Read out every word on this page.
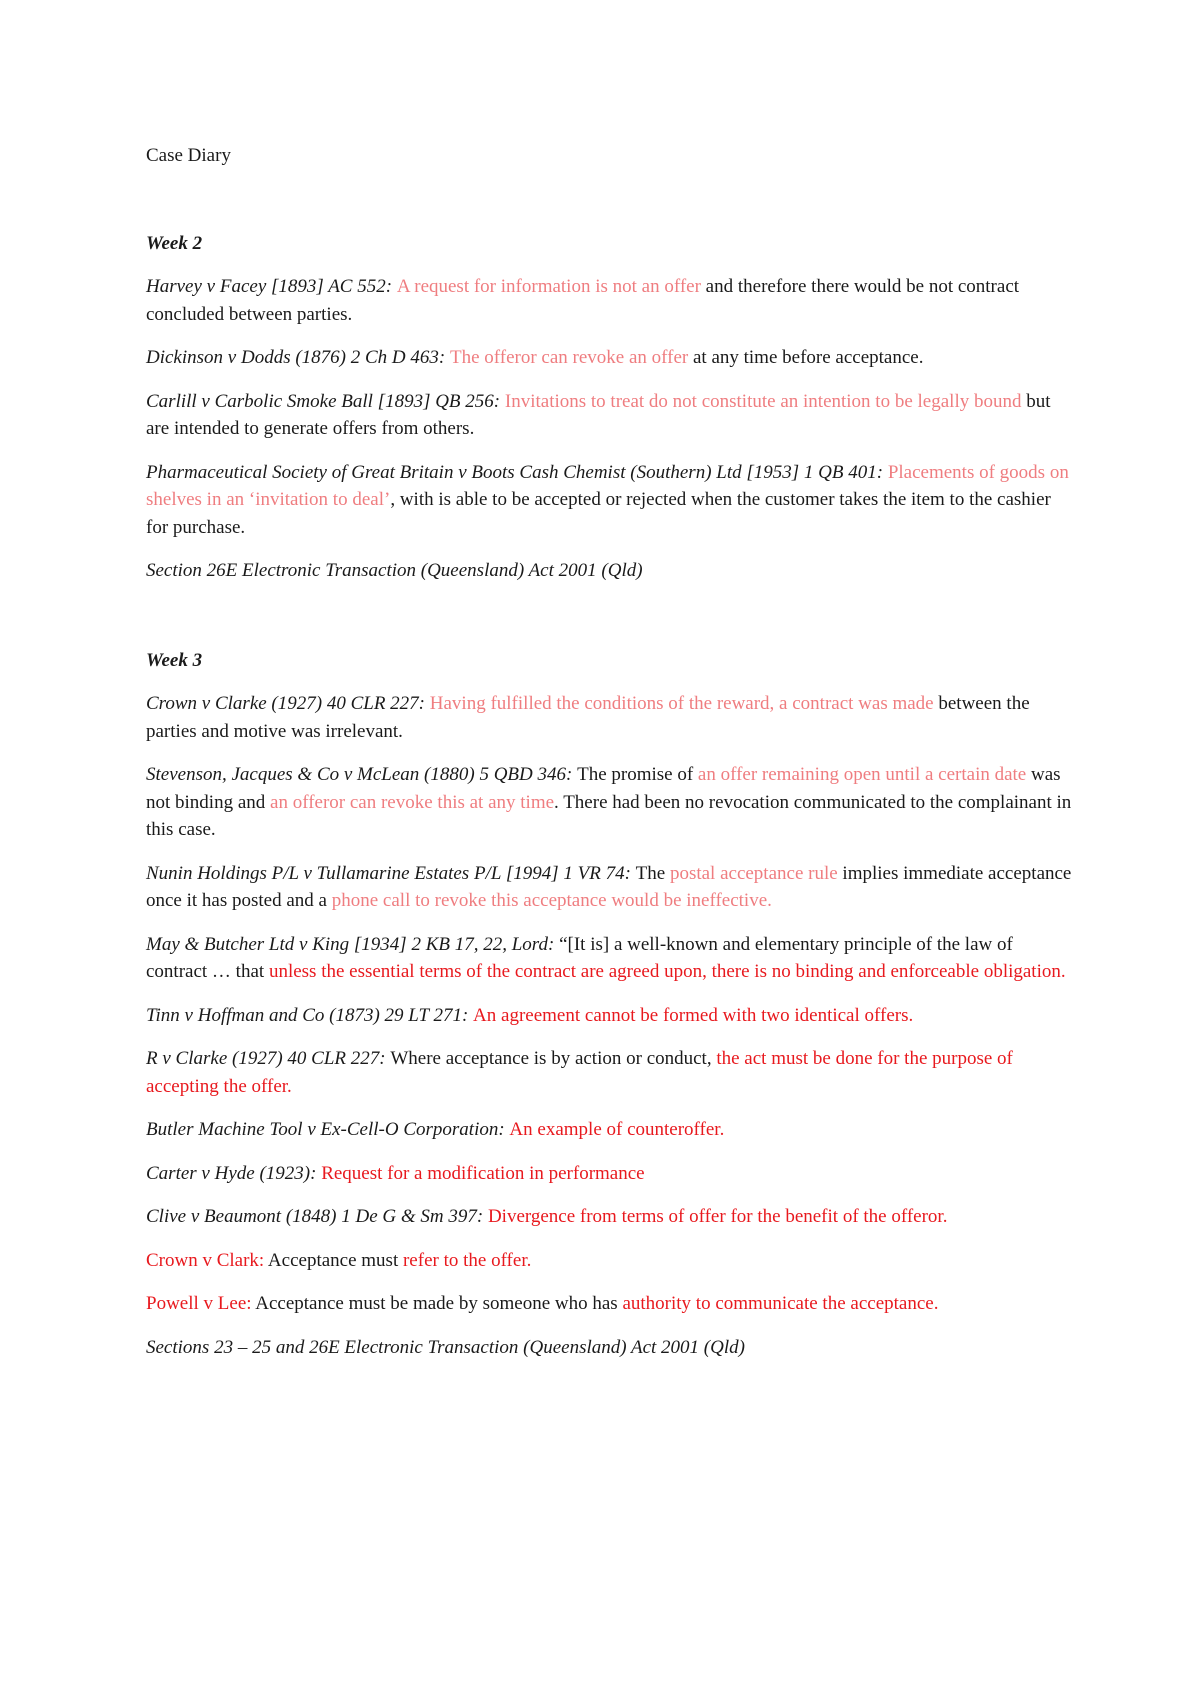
Case Diary

Week 2

Harvey v Facey [1893] AC 552: A request for information is not an offer and therefore there would be not contract concluded between parties.

Dickinson v Dodds (1876) 2 Ch D 463: The offeror can revoke an offer at any time before acceptance.

Carlill v Carbolic Smoke Ball [1893] QB 256: Invitations to treat do not constitute an intention to be legally bound but are intended to generate offers from others.

Pharmaceutical Society of Great Britain v Boots Cash Chemist (Southern) Ltd [1953] 1 QB 401: Placements of goods on shelves in an ‘invitation to deal’, with is able to be accepted or rejected when the customer takes the item to the cashier for purchase.

Section 26E Electronic Transaction (Queensland) Act 2001 (Qld)

Week 3

Crown v Clarke (1927) 40 CLR 227: Having fulfilled the conditions of the reward, a contract was made between the parties and motive was irrelevant.

Stevenson, Jacques & Co v McLean (1880) 5 QBD 346: The promise of an offer remaining open until a certain date was not binding and an offeror can revoke this at any time. There had been no revocation communicated to the complainant in this case.

Nunin Holdings P/L v Tullamarine Estates P/L [1994] 1 VR 74: The postal acceptance rule implies immediate acceptance once it has posted and a phone call to revoke this acceptance would be ineffective.

May & Butcher Ltd v King [1934] 2 KB 17, 22, Lord: “[It is] a well-known and elementary principle of the law of contract … that unless the essential terms of the contract are agreed upon, there is no binding and enforceable obligation.

Tinn v Hoffman and Co (1873) 29 LT 271: An agreement cannot be formed with two identical offers.

R v Clarke (1927) 40 CLR 227: Where acceptance is by action or conduct, the act must be done for the purpose of accepting the offer.

Butler Machine Tool v Ex-Cell-O Corporation: An example of counteroffer.

Carter v Hyde (1923): Request for a modification in performance

Clive v Beaumont (1848) 1 De G & Sm 397: Divergence from terms of offer for the benefit of the offeror.

Crown v Clark: Acceptance must refer to the offer.

Powell v Lee: Acceptance must be made by someone who has authority to communicate the acceptance.

Sections 23 – 25 and 26E Electronic Transaction (Queensland) Act 2001 (Qld)
